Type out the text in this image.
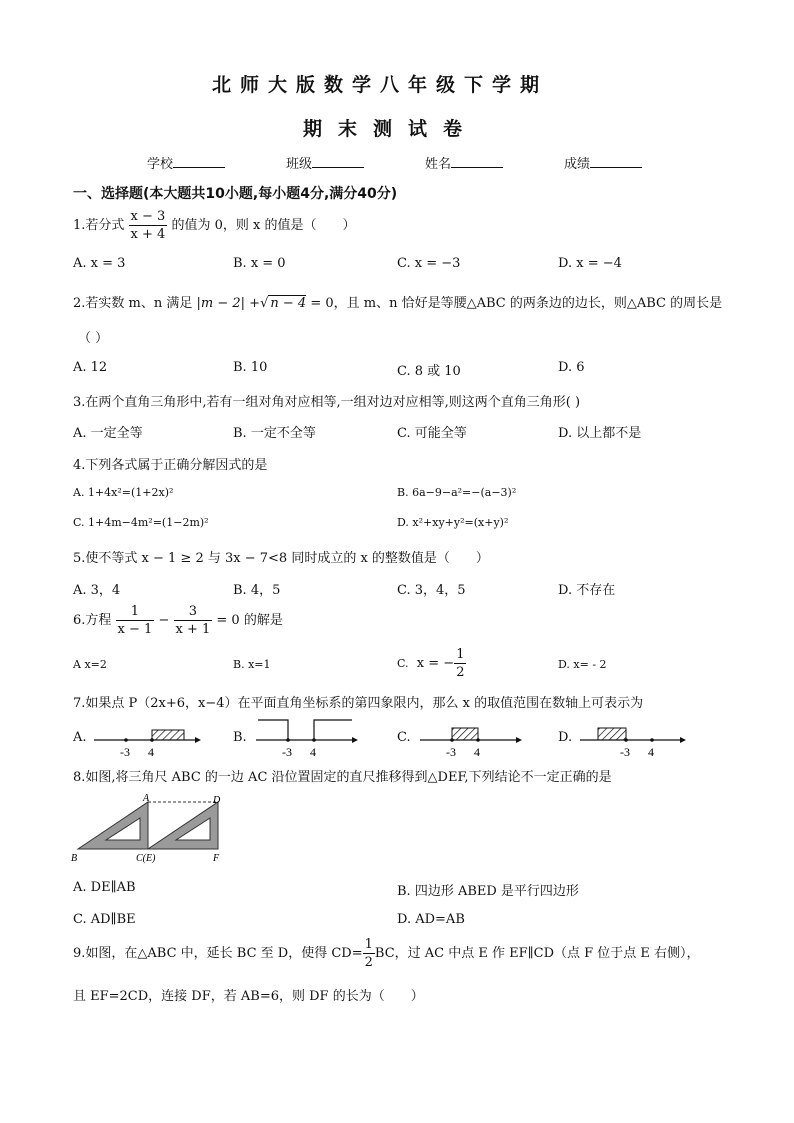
北师大版数学八年级下学期
期末测试卷
学校	班级	姓名	成绩
一、选择题(本大题共10小题,每小题4分,满分40分)
1.若分式 $\frac{x - 3}{x + 4}$ 的值为 0，则 x 的值是（　　）
A. x = 3	B. x = 0	C. x = −3	D. x = −4
2.若实数 m、n 满足 |m − 2| +√ n − 4 = 0，且 m、n 恰好是等腰△ABC 的两条边的边长，则△ABC 的周长是
（ ）
A. 12	B. 10	C. 8 或 10	D. 6
3.在两个直角三角形中,若有一组对角对应相等,一组对边对应相等,则这两个直角三角形( )
A. 一定全等	B. 一定不全等	C. 可能全等	D. 以上都不是
4.下列各式属于正确分解因式的是
A. 1+4x²=(1+2x)²	B. 6a−9−a²=−(a−3)²
C. 1+4m−4m²=(1−2m)²	D. x²+xy+y²=(x+y)²
5.使不等式 x − 1 ≥ 2 与 3x − 7<8 同时成立的 x 的整数值是（　　）
A. 3，4	B. 4，5	C. 3，4，5	D. 不存在
6.方程 $\frac{1}{x - 1} - \frac{3}{x + 1} = 0$ 的解是
A x=2	B. x=1	C. x = − $\frac{1}{2}$	D. x= - 2
7.如果点 P（2x+6，x−4）在平面直角坐标系的第四象限内，那么 x 的取值范围在数轴上可表示为
A.
-3 4
B.
-3 4
C.
-3 4
D.
-3 4
8.如图,将三角尺 ABC 的一边 AC 沿位置固定的直尺推移得到△DEF,下列结论不一定正确的是
A	D
B	C(E)	F
A. DE∥AB	B. 四边形 ABED 是平行四边形
C. AD∥BE	D. AD=AB
9.如图，在△ABC 中，延长 BC 至 D，使得 $CD= \frac{1}{2}$ BC，过 AC 中点 E 作 EF∥CD（点 F 位于点 E 右侧），
且 EF=2CD，连接 DF，若 AB=6，则 DF 的长为（　　）
